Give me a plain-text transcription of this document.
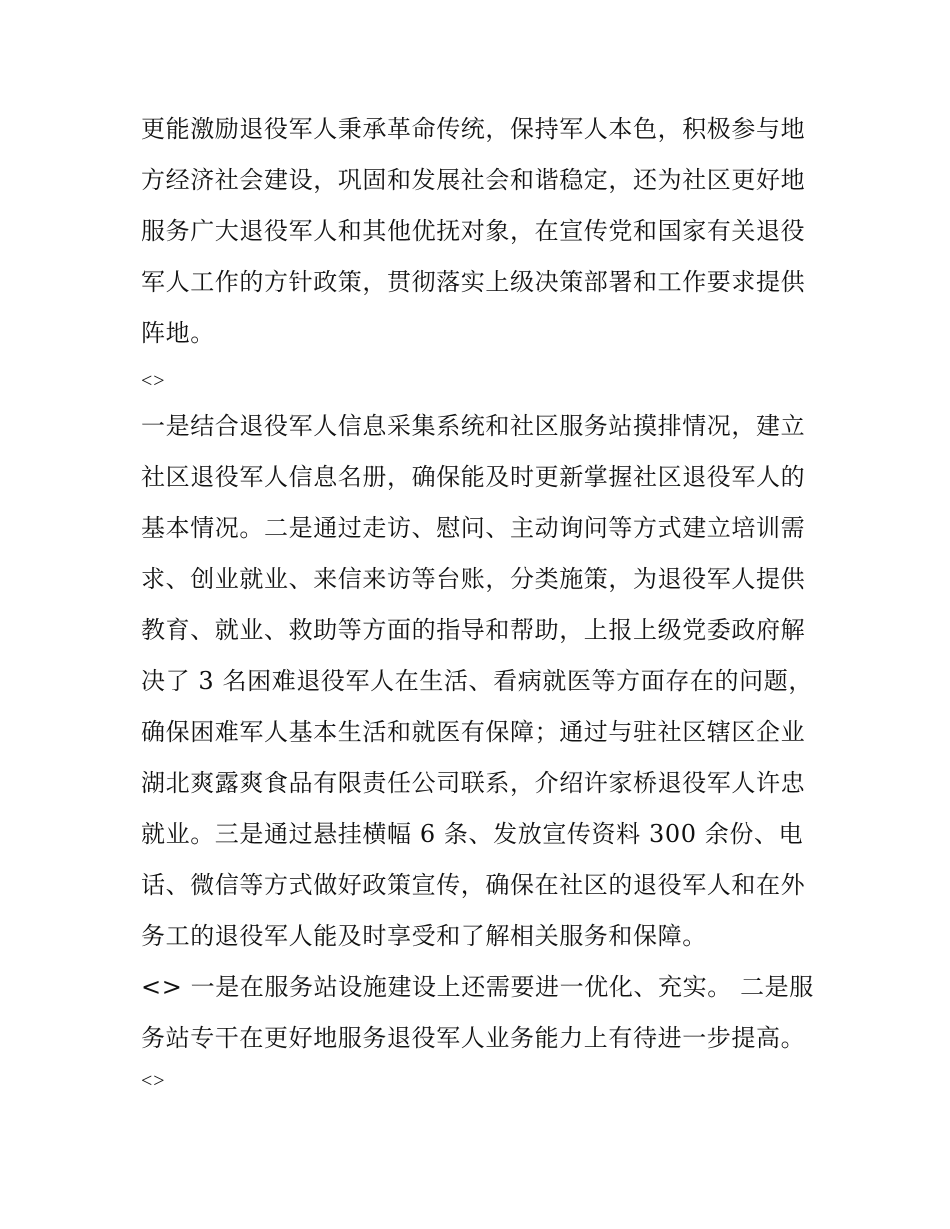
更能激励退役军人秉承革命传统，保持军人本色，积极参与地
方经济社会建设，巩固和发展社会和谐稳定，还为社区更好地
服务广大退役军人和其他优抚对象，在宣传党和国家有关退役
军人工作的方针政策，贯彻落实上级决策部署和工作要求提供
阵地。
<>
一是结合退役军人信息采集系统和社区服务站摸排情况，建立
社区退役军人信息名册，确保能及时更新掌握社区退役军人的
基本情况。二是通过走访、慰问、主动询问等方式建立培训需
求、创业就业、来信来访等台账，分类施策，为退役军人提供
教育、就业、救助等方面的指导和帮助，上报上级党委政府解
决了 3 名困难退役军人在生活、看病就医等方面存在的问题，
确保困难军人基本生活和就医有保障；通过与驻社区辖区企业
湖北爽露爽食品有限责任公司联系，介绍许家桥退役军人许忠
就业。三是通过悬挂横幅 6 条、发放宣传资料 300 余份、电
话、微信等方式做好政策宣传，确保在社区的退役军人和在外
务工的退役军人能及时享受和了解相关服务和保障。
<> 一是在服务站设施建设上还需要进一优化、充实。 二是服
务站专干在更好地服务退役军人业务能力上有待进一步提高。
<>
